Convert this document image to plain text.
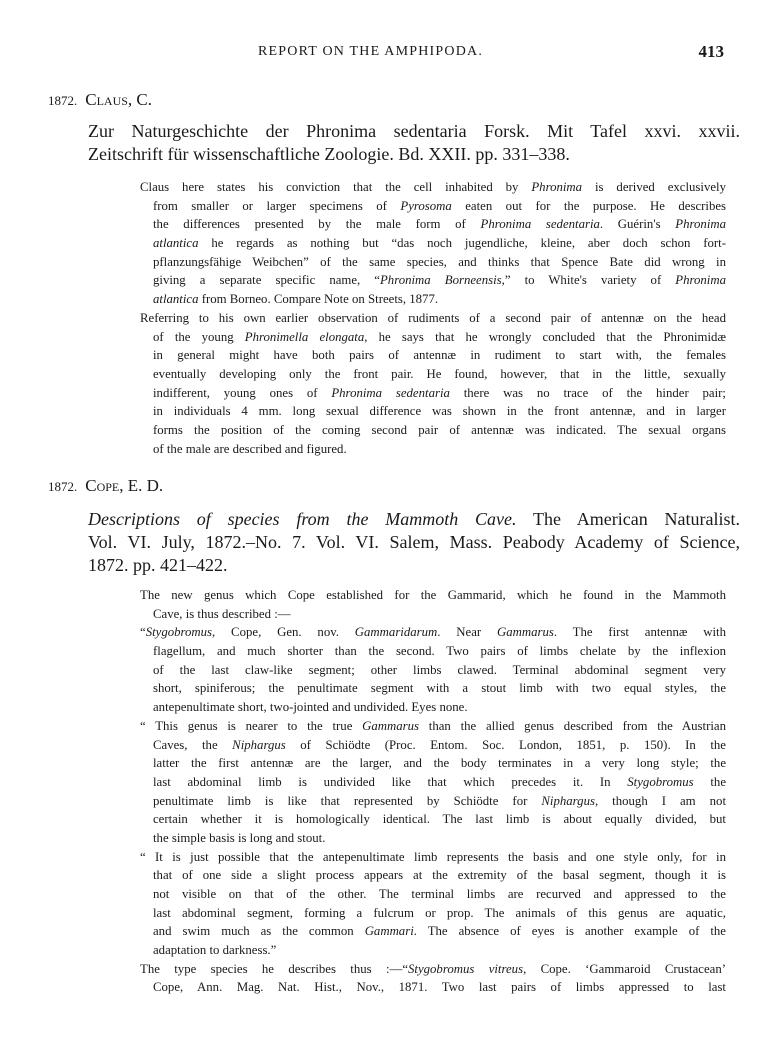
REPORT ON THE AMPHIPODA.	413
1872. Claus, C.
Zur Naturgeschichte der Phronima sedentaria Forsk. Mit Tafel xxvi. xxvii.
Zeitschrift für wissenschaftliche Zoologie. Bd. XXII. pp. 331–338.
Claus here states his conviction that the cell inhabited by Phronima is derived exclusively
from smaller or larger specimens of Pyrosoma eaten out for the purpose. He describes
the differences presented by the male form of Phronima sedentaria. Guérin's Phronima
atlantica he regards as nothing but “das noch jugendliche, kleine, aber doch schon fort-
pflanzungsfähige Weibchen” of the same species, and thinks that Spence Bate did wrong in
giving a separate specific name, “Phronima Borneensis,” to White's variety of Phronima
atlantica from Borneo. Compare Note on Streets, 1877.
Referring to his own earlier observation of rudiments of a second pair of antennæ on the head
of the young Phronimella elongata, he says that he wrongly concluded that the Phronimidæ
in general might have both pairs of antennæ in rudiment to start with, the females
eventually developing only the front pair. He found, however, that in the little, sexually
indifferent, young ones of Phronima sedentaria there was no trace of the hinder pair;
in individuals 4 mm. long sexual difference was shown in the front antennæ, and in larger
forms the position of the coming second pair of antennæ was indicated. The sexual organs
of the male are described and figured.
1872. Cope, E. D.
Descriptions of species from the Mammoth Cave. The American Naturalist.
Vol. VI. July, 1872.–No. 7. Vol. VI. Salem, Mass. Peabody Academy of Science,
1872. pp. 421–422.
The new genus which Cope established for the Gammarid, which he found in the Mammoth
Cave, is thus described :—
“Stygobromus, Cope, Gen. nov. Gammaridarum. Near Gammarus. The first antennæ with
flagellum, and much shorter than the second. Two pairs of limbs chelate by the inflexion
of the last claw-like segment; other limbs clawed. Terminal abdominal segment very
short, spiniferous; the penultimate segment with a stout limb with two equal styles, the
antepenultimate short, two-jointed and undivided. Eyes none.
“ This genus is nearer to the true Gammarus than the allied genus described from the Austrian
Caves, the Niphargus of Schiödte (Proc. Entom. Soc. London, 1851, p. 150). In the
latter the first antennæ are the larger, and the body terminates in a very long style; the
last abdominal limb is undivided like that which precedes it. In Stygobromus the
penultimate limb is like that represented by Schiödte for Niphargus, though I am not
certain whether it is homologically identical. The last limb is about equally divided, but
the simple basis is long and stout.
“ It is just possible that the antepenultimate limb represents the basis and one style only, for in
that of one side a slight process appears at the extremity of the basal segment, though it is
not visible on that of the other. The terminal limbs are recurved and appressed to the
last abdominal segment, forming a fulcrum or prop. The animals of this genus are aquatic,
and swim much as the common Gammari. The absence of eyes is another example of the
adaptation to darkness.”
The type species he describes thus :—“Stygobromus vitreus, Cope. ‘Gammaroid Crustacean’
Cope, Ann. Mag. Nat. Hist., Nov., 1871. Two last pairs of limbs appressed to last
